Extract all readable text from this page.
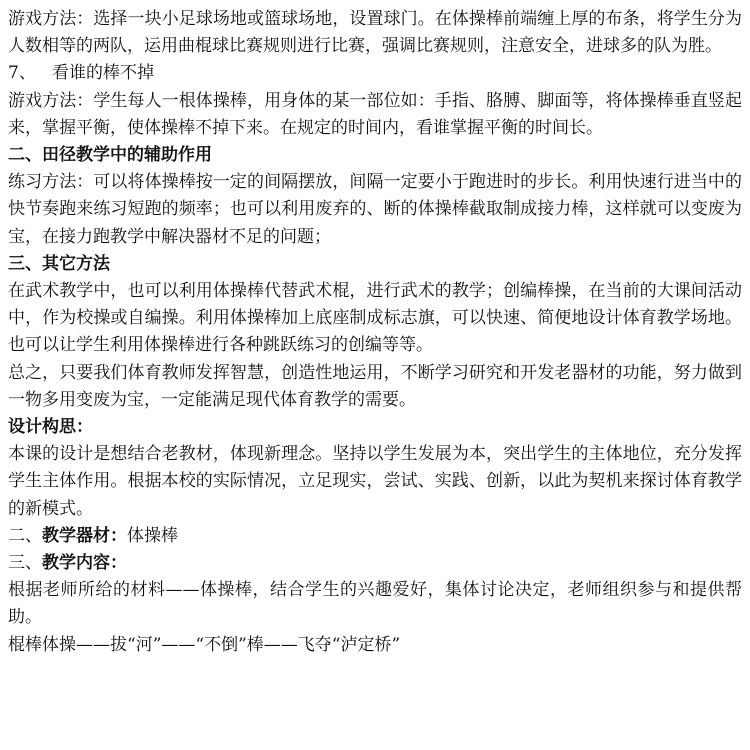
游戏方法：选择一块小足球场地或篮球场地，设置球门。在体操棒前端缠上厚的布条，将学生分为人数相等的两队，运用曲棍球比赛规则进行比赛，强调比赛规则，注意安全，进球多的队为胜。

7、   看谁的棒不掉

游戏方法：学生每人一根体操棒，用身体的某一部位如：手指、胳膊、脚面等，将体操棒垂直竖起来，掌握平衡，使体操棒不掉下来。在规定的时间内，看谁掌握平衡的时间长。

二、田径教学中的辅助作用

练习方法：可以将体操棒按一定的间隔摆放，间隔一定要小于跑进时的步长。利用快速行进当中的快节奏跑来练习短跑的频率；也可以利用废弃的、断的体操棒截取制成接力棒，这样就可以变废为宝，在接力跑教学中解决器材不足的问题；

三、其它方法

在武术教学中，也可以利用体操棒代替武术棍，进行武术的教学；创编棒操，在当前的大课间活动中，作为校操或自编操。利用体操棒加上底座制成标志旗，可以快速、简便地设计体育教学场地。也可以让学生利用体操棒进行各种跳跃练习的创编等等。

总之，只要我们体育教师发挥智慧，创造性地运用，不断学习研究和开发老器材的功能，努力做到一物多用变废为宝，一定能满足现代体育教学的需要。

设计构思：

本课的设计是想结合老教材，体现新理念。坚持以学生发展为本，突出学生的主体地位，充分发挥学生主体作用。根据本校的实际情况，立足现实，尝试、实践、创新，以此为契机来探讨体育教学的新模式。

二、教学器材：体操棒

三、教学内容：

根据老师所给的材料——体操棒，结合学生的兴趣爱好，集体讨论决定，老师组织参与和提供帮助。

棍棒体操——拔“河”——“不倒”棒——飞夺“泸定桥”
